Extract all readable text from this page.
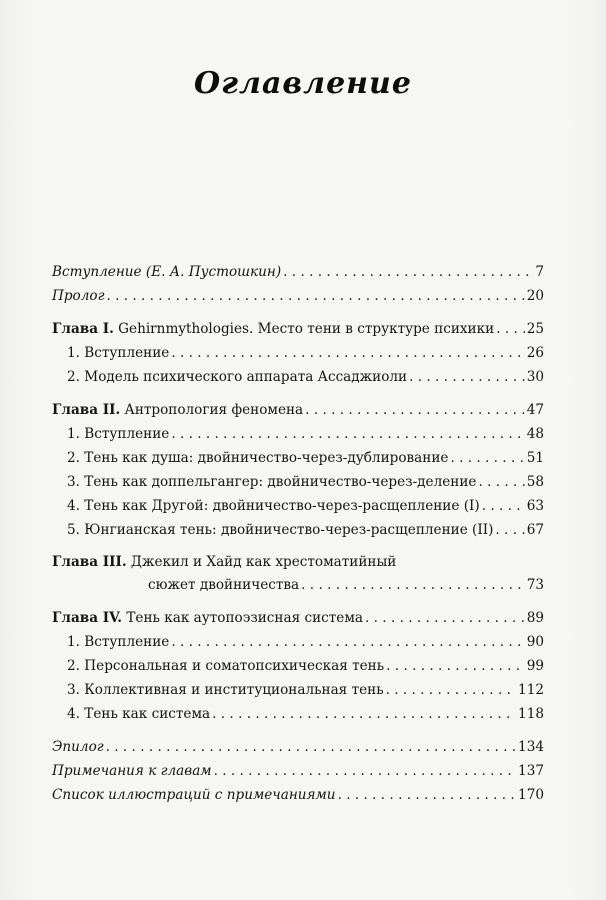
Оглавление
Вступление (Е. А. Пустошкин) . . .	7
Пролог . . .	20
Глава I. Gehirnmythologies. Место тени в структуре психики . . . 25
1. Вступление . . .	26
2. Модель психического аппарата Ассаджиоли . . .	30
Глава II. Антропология феномена . . .	47
1. Вступление . . .	48
2. Тень как душа: двойничество-через-дублирование . . .	51
3. Тень как доппельгангер: двойничество-через-деление . . .	58
4. Тень как Другой: двойничество-через-расщепление (I) . . .	63
5. Юнгианская тень: двойничество-через-расщепление (II) . . . 67
Глава III. Джекил и Хайд как хрестоматийный
сюжет двойничества . . .	73
Глава IV. Тень как аутопоэзисная система . . .	89
1. Вступление . . .	90
2. Персональная и соматопсихическая тень . . .	99
3. Коллективная и институциональная тень . . .	112
4. Тень как система . . .	118
Эпилог . . .	134
Примечания к главам . . .	137
Список иллюстраций с примечаниями . . .	170
